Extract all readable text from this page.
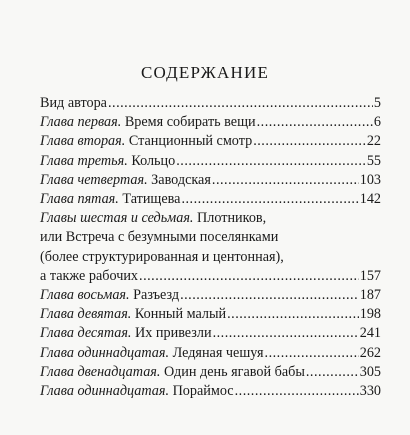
СОДЕРЖАНИЕ
Вид автора .....	5
Глава первая. Время собирать вещи .....	6
Глава вторая. Станционный смотр .....	22
Глава третья. Кольцо .....	55
Глава четвертая. Заводская .....	103
Глава пятая. Татищева .....	142
Главы шестая и седьмая. Плотников,
или Встреча с безумными поселянками
(более структурированная и центонная),
а также рабочих .....	157
Глава восьмая. Разъезд .....	187
Глава девятая. Конный малый .....	198
Глава десятая. Их привезли .....	241
Глава одиннадцатая. Ледяная чешуя .....	262
Глава двенадцатая. Один день ягавой бабы .....	305
Глава одиннадцатая. Пораймос .....	330
